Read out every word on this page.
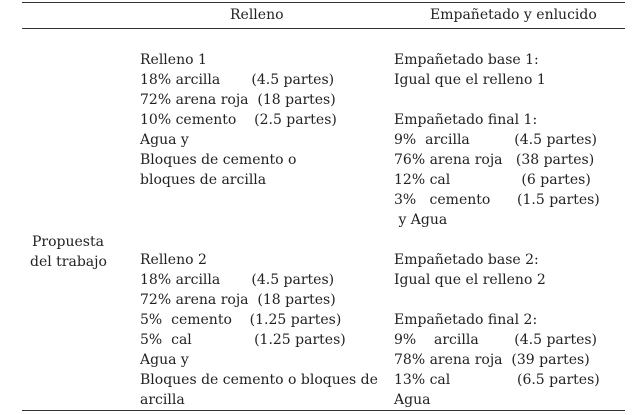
Relleno	Empañetado y enlucido
Propuesta
del trabajo
Relleno 1
18% arcilla       (4.5 partes)
72% arena roja  (18 partes)
10% cemento    (2.5 partes)
Agua y
Bloques de cemento o
bloques de arcilla
Empañetado base 1:
Igual que el relleno 1
Empañetado final 1:
9%  arcilla          (4.5 partes)
76% arena roja   (38 partes)
12% cal                (6 partes)
3%   cemento      (1.5 partes)
y Agua
Relleno 2
18% arcilla       (4.5 partes)
72% arena roja  (18 partes)
5%  cemento    (1.25 partes)
5%  cal              (1.25 partes)
Agua y
Bloques de cemento o bloques de
arcilla
Empañetado base 2:
Igual que el relleno 2
Empañetado final 2:
9%    arcilla        (4.5 partes)
78% arena roja  (39 partes)
13% cal               (6.5 partes)
Agua
